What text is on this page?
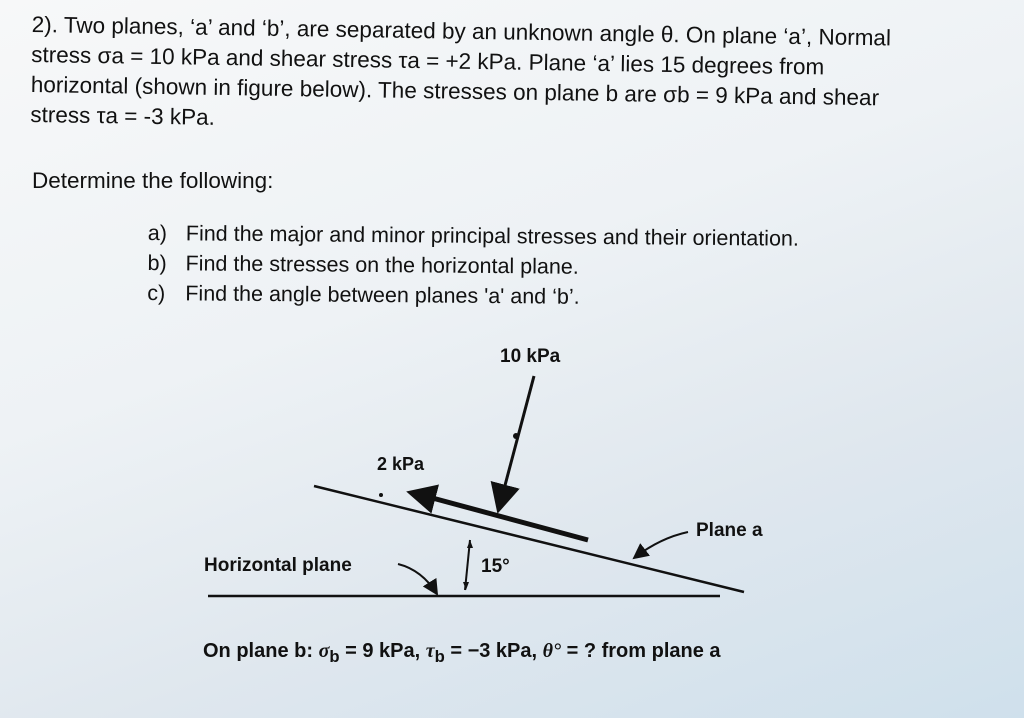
2). Two planes, ‘a’ and ‘b’, are separated by an unknown angle θ. On plane ‘a’, Normal

stress σa = 10 kPa and shear stress τa = +2 kPa. Plane ‘a’ lies 15 degrees from

horizontal (shown in figure below). The stresses on plane b are σb = 9 kPa and shear

stress τa = -3 kPa.

Determine the following:
a) Find the major and minor principal stresses and their orientation.
b) Find the stresses on the horizontal plane.
c) Find the angle between planes 'a' and ‘b’.
10 kPa
2 kPa
Plane a
Horizontal plane	15°
On plane b: $\sigma_b = 9$ kPa, $\tau_b = -3$ kPa, θ° = ? from plane a
